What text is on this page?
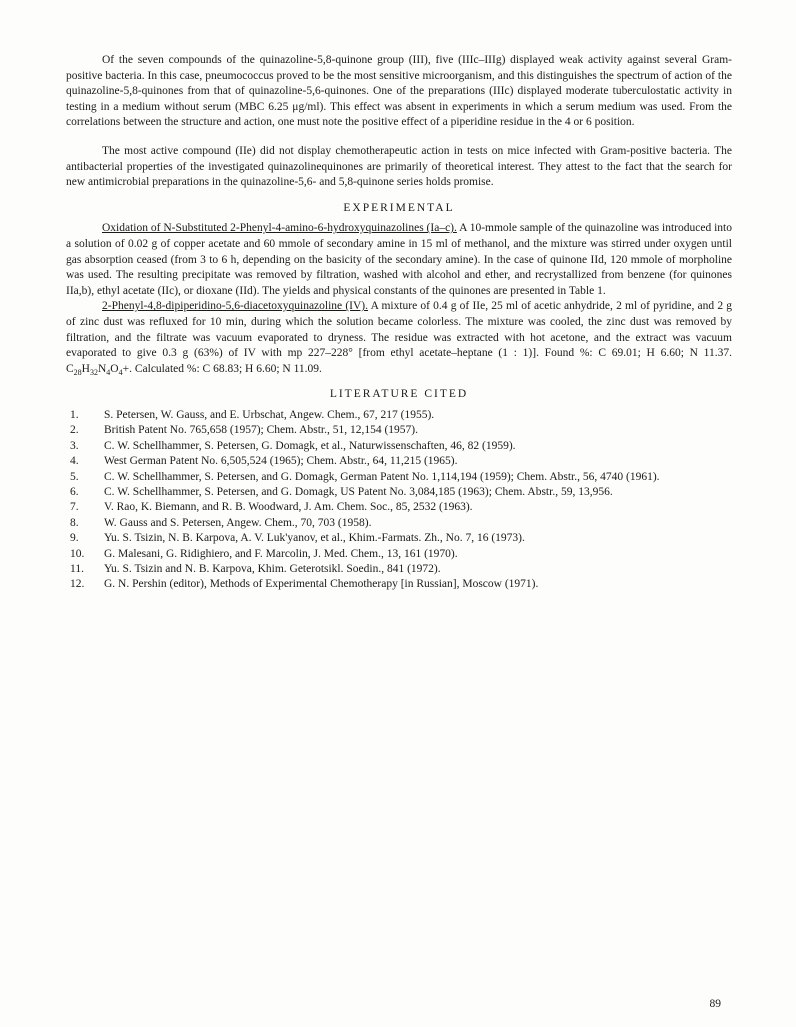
Of the seven compounds of the quinazoline-5,8-quinone group (III), five (IIIc–IIIg) displayed weak activity against several Gram-positive bacteria. In this case, pneumococcus proved to be the most sensitive microorganism, and this distinguishes the spectrum of action of the quinazoline-5,8-quinones from that of quinazoline-5,6-quinones. One of the preparations (IIIc) displayed moderate tuberculostatic activity in testing in a medium without serum (MBC 6.25 μg/ml). This effect was absent in experiments in which a serum medium was used. From the correlations between the structure and action, one must note the positive effect of a piperidine residue in the 4 or 6 position.

The most active compound (IIe) did not display chemotherapeutic action in tests on mice infected with Gram-positive bacteria. The antibacterial properties of the investigated quinazolinequinones are primarily of theoretical interest. They attest to the fact that the search for new antimicrobial preparations in the quinazoline-5,6- and 5,8-quinone series holds promise.

EXPERIMENTAL

Oxidation of N-Substituted 2-Phenyl-4-amino-6-hydroxyquinazolines (Ia–c). A 10-mmole sample of the quinazoline was introduced into a solution of 0.02 g of copper acetate and 60 mmole of secondary amine in 15 ml of methanol, and the mixture was stirred under oxygen until gas absorption ceased (from 3 to 6 h, depending on the basicity of the secondary amine). In the case of quinone IId, 120 mmole of morpholine was used. The resulting precipitate was removed by filtration, washed with alcohol and ether, and recrystallized from benzene (for quinones IIa,b), ethyl acetate (IIc), or dioxane (IId). The yields and physical constants of the quinones are presented in Table 1.

2-Phenyl-4,8-dipiperidino-5,6-diacetoxyquinazoline (IV). A mixture of 0.4 g of IIe, 25 ml of acetic anhydride, 2 ml of pyridine, and 2 g of zinc dust was refluxed for 10 min, during which the solution became colorless. The mixture was cooled, the zinc dust was removed by filtration, and the filtrate was vacuum evaporated to dryness. The residue was extracted with hot acetone, and the extract was vacuum evaporated to give 0.3 g (63%) of IV with mp 227–228° [from ethyl acetate–heptane (1 : 1)]. Found %: C 69.01; H 6.60; N 11.37. $C_{28}H_{32}N_4O_4+$. Calculated %: C 68.83; H 6.60; N 11.09.

LITERATURE CITED
1.	S. Petersen, W. Gauss, and E. Urbschat, Angew. Chem., 67, 217 (1955).
2.	British Patent No. 765,658 (1957); Chem. Abstr., 51, 12,154 (1957).
3.	C. W. Schellhammer, S. Petersen, G. Domagk, et al., Naturwissenschaften, 46, 82 (1959).
4.	West German Patent No. 6,505,524 (1965); Chem. Abstr., 64, 11,215 (1965).
5.	C. W. Schellhammer, S. Petersen, and G. Domagk, German Patent No. 1,114,194 (1959); Chem. Abstr., 56, 4740 (1961).
6.	C. W. Schellhammer, S. Petersen, and G. Domagk, US Patent No. 3,084,185 (1963); Chem. Abstr., 59, 13,956.
7.	V. Rao, K. Biemann, and R. B. Woodward, J. Am. Chem. Soc., 85, 2532 (1963).
8.	W. Gauss and S. Petersen, Angew. Chem., 70, 703 (1958).
9.	Yu. S. Tsizin, N. B. Karpova, A. V. Luk'yanov, et al., Khim.-Farmats. Zh., No. 7, 16 (1973).
10.	G. Malesani, G. Ridighiero, and F. Marcolin, J. Med. Chem., 13, 161 (1970).
11.	Yu. S. Tsizin and N. B. Karpova, Khim. Geterotsikl. Soedin., 841 (1972).
12.	G. N. Pershin (editor), Methods of Experimental Chemotherapy [in Russian], Moscow (1971).
89
